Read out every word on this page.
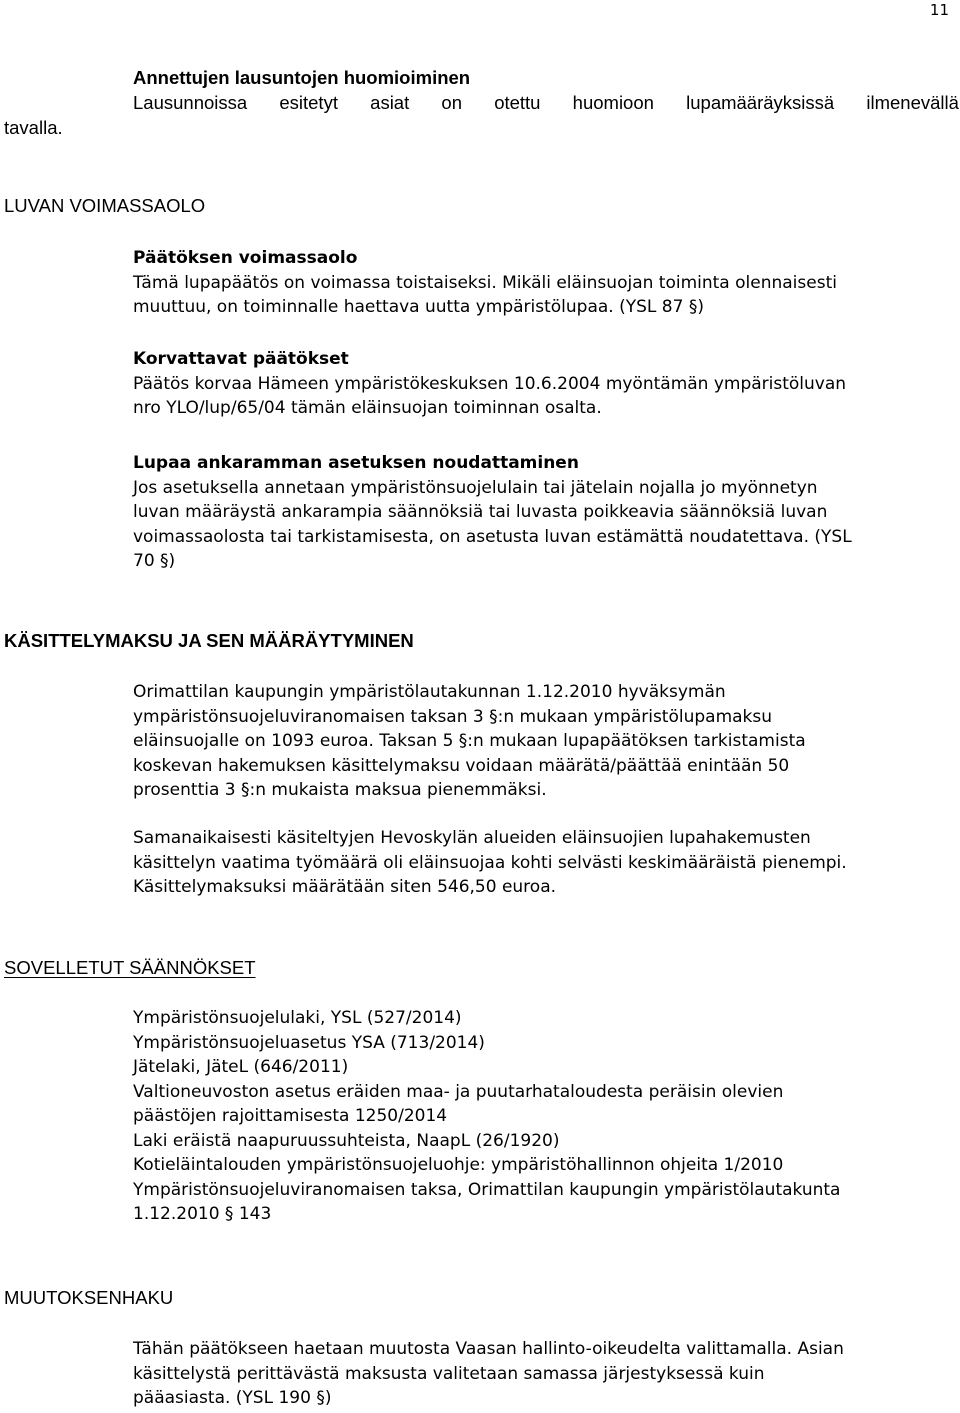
11

Annettujen lausuntojen huomioiminen

Lausunnoissa esitetyt asiat on otettu huomioon lupamääräyksissä ilmenevällä

tavalla.

LUVAN VOIMASSAOLO

Päätöksen voimassaolo

Tämä lupapäätös on voimassa toistaiseksi. Mikäli eläinsuojan toiminta olennaisesti

muuttuu, on toiminnalle haettava uutta ympäristölupaa. (YSL 87 §)

Korvattavat päätökset

Päätös korvaa Hämeen ympäristökeskuksen 10.6.2004 myöntämän ympäristöluvan

nro YLO/lup/65/04 tämän eläinsuojan toiminnan osalta.

Lupaa ankaramman asetuksen noudattaminen

Jos asetuksella annetaan ympäristönsuojelulain tai jätelain nojalla jo myönnetyn

luvan määräystä ankarampia säännöksiä tai luvasta poikkeavia säännöksiä luvan

voimassaolosta tai tarkistamisesta, on asetusta luvan estämättä noudatettava. (YSL

70 §)

KÄSITTELYMAKSU JA SEN MÄÄRÄYTYMINEN

Orimattilan kaupungin ympäristölautakunnan 1.12.2010 hyväksymän

ympäristönsuojeluviranomaisen taksan 3 §:n mukaan ympäristölupamaksu

eläinsuojalle on 1093 euroa. Taksan 5 §:n mukaan lupapäätöksen tarkistamista

koskevan hakemuksen käsittelymaksu voidaan määrätä/päättää enintään 50

prosenttia 3 §:n mukaista maksua pienemmäksi.

Samanaikaisesti käsiteltyjen Hevoskylän alueiden eläinsuojien lupahakemusten

käsittelyn vaatima työmäärä oli eläinsuojaa kohti selvästi keskimääräistä pienempi.

Käsittelymaksuksi määrätään siten 546,50 euroa.

SOVELLETUT SÄÄNNÖKSET

Ympäristönsuojelulaki, YSL (527/2014)

Ympäristönsuojeluasetus YSA (713/2014)

Jätelaki, JäteL (646/2011)

Valtioneuvoston asetus eräiden maa- ja puutarhataloudesta peräisin olevien

päästöjen rajoittamisesta 1250/2014

Laki eräistä naapuruussuhteista, NaapL (26/1920)

Kotieläintalouden ympäristönsuojeluohje: ympäristöhallinnon ohjeita 1/2010

Ympäristönsuojeluviranomaisen taksa, Orimattilan kaupungin ympäristölautakunta

1.12.2010 § 143

MUUTOKSENHAKU

Tähän päätökseen haetaan muutosta Vaasan hallinto-oikeudelta valittamalla. Asian

käsittelystä perittävästä maksusta valitetaan samassa järjestyksessä kuin

pääasiasta. (YSL 190 §)
